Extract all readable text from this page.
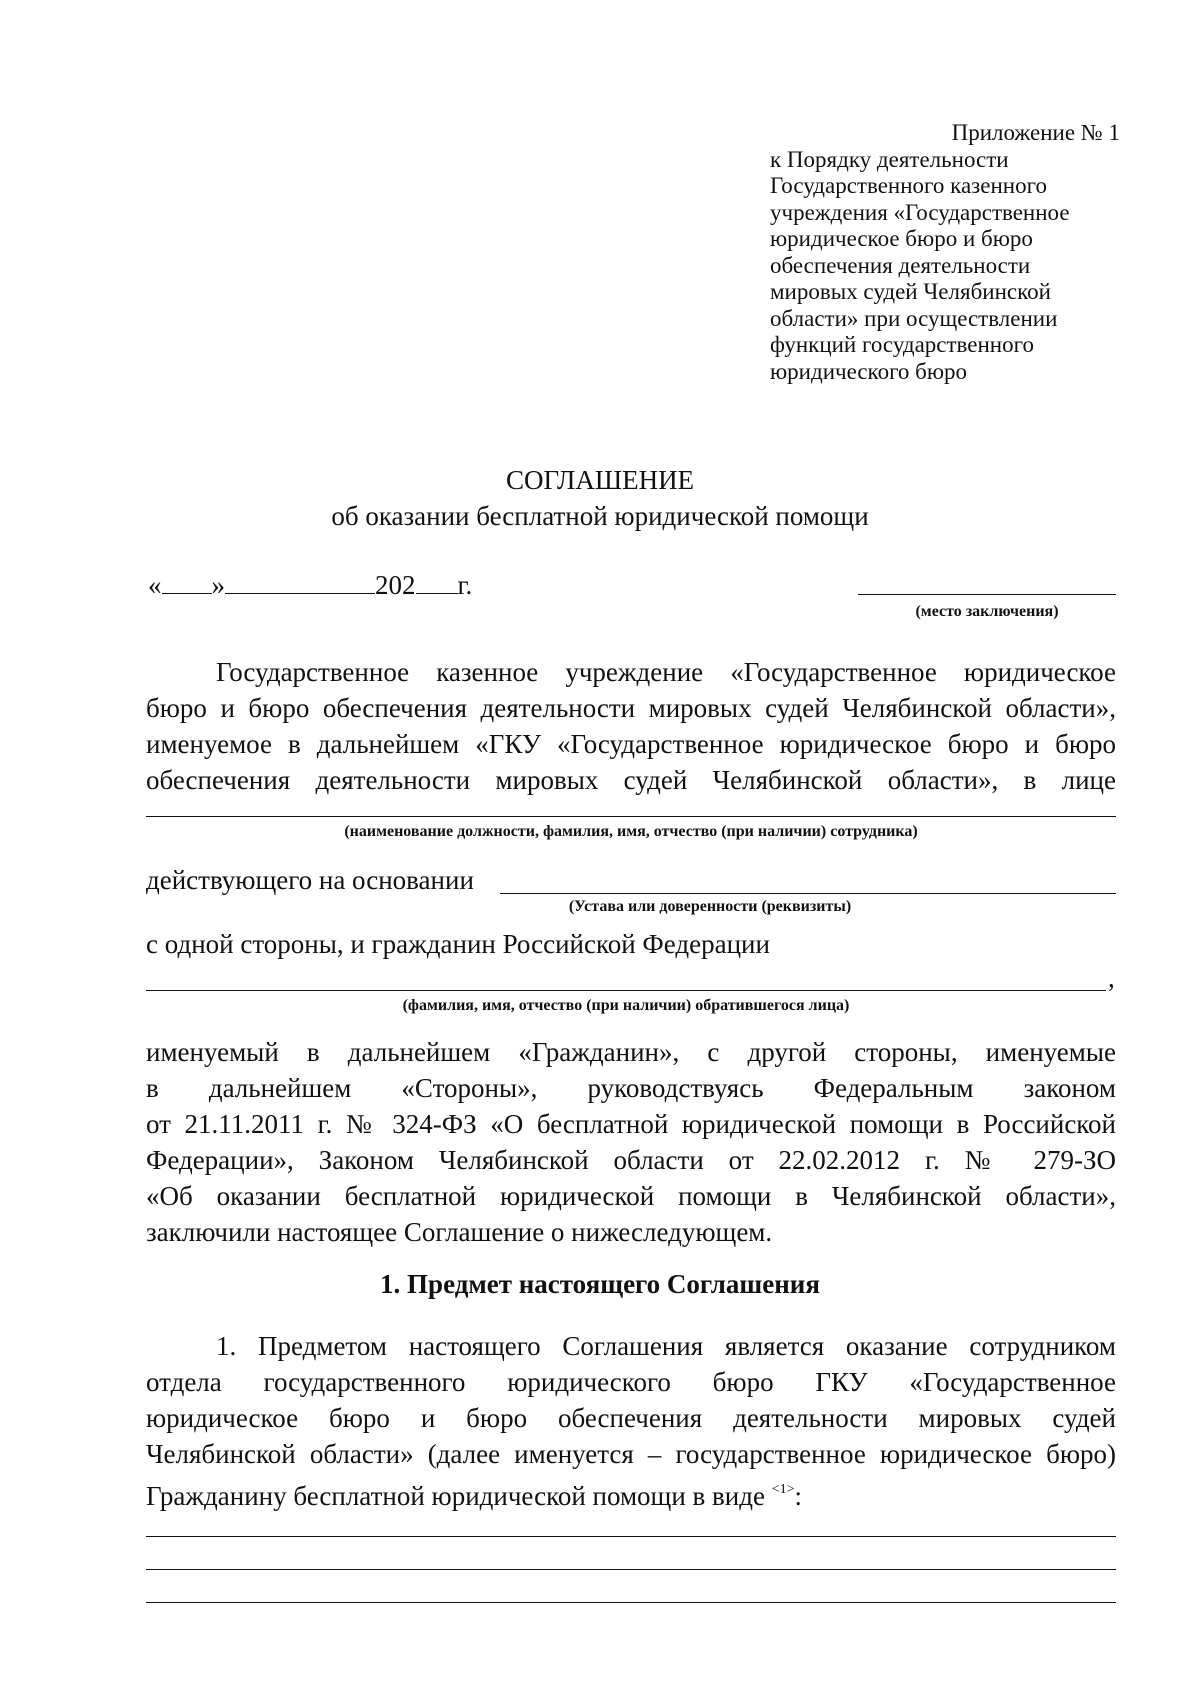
Приложение № 1
к Порядку деятельности
Государственного казенного
учреждения «Государственное
юридическое бюро и бюро
обеспечения деятельности
мировых судей Челябинской
области» при осуществлении
функций государственного
юридического бюро
СОГЛАШЕНИЕ
об оказании бесплатной юридической помощи
« »	202 г.
(место заключения)
Государственное казенное учреждение «Государственное юридическое
бюро и бюро обеспечения деятельности мировых судей Челябинской области»,
именуемое в дальнейшем «ГКУ «Государственное юридическое бюро и бюро
обеспечения деятельности мировых судей Челябинской области», в лице
(наименование должности, фамилия, имя, отчество (при наличии) сотрудника)
действующего на основании
(Устава или доверенности (реквизиты)
с одной стороны, и гражданин Российской Федерации
,
(фамилия, имя, отчество (при наличии) обратившегося лица)
именуемый в дальнейшем «Гражданин», с другой стороны, именуемые
в дальнейшем «Стороны», руководствуясь Федеральным законом
от 21.11.2011 г. № 324-ФЗ «О бесплатной юридической помощи в Российской
Федерации», Законом Челябинской области от 22.02.2012 г. № 279-ЗО
«Об оказании бесплатной юридической помощи в Челябинской области»,
заключили настоящее Соглашение о нижеследующем.
1. Предмет настоящего Соглашения
1. Предметом настоящего Соглашения является оказание сотрудником
отдела государственного юридического бюро ГКУ «Государственное
юридическое бюро и бюро обеспечения деятельности мировых судей
Челябинской области» (далее именуется – государственное юридическое бюро)
Гражданину бесплатной юридической помощи в виде $^{<1>}$:
